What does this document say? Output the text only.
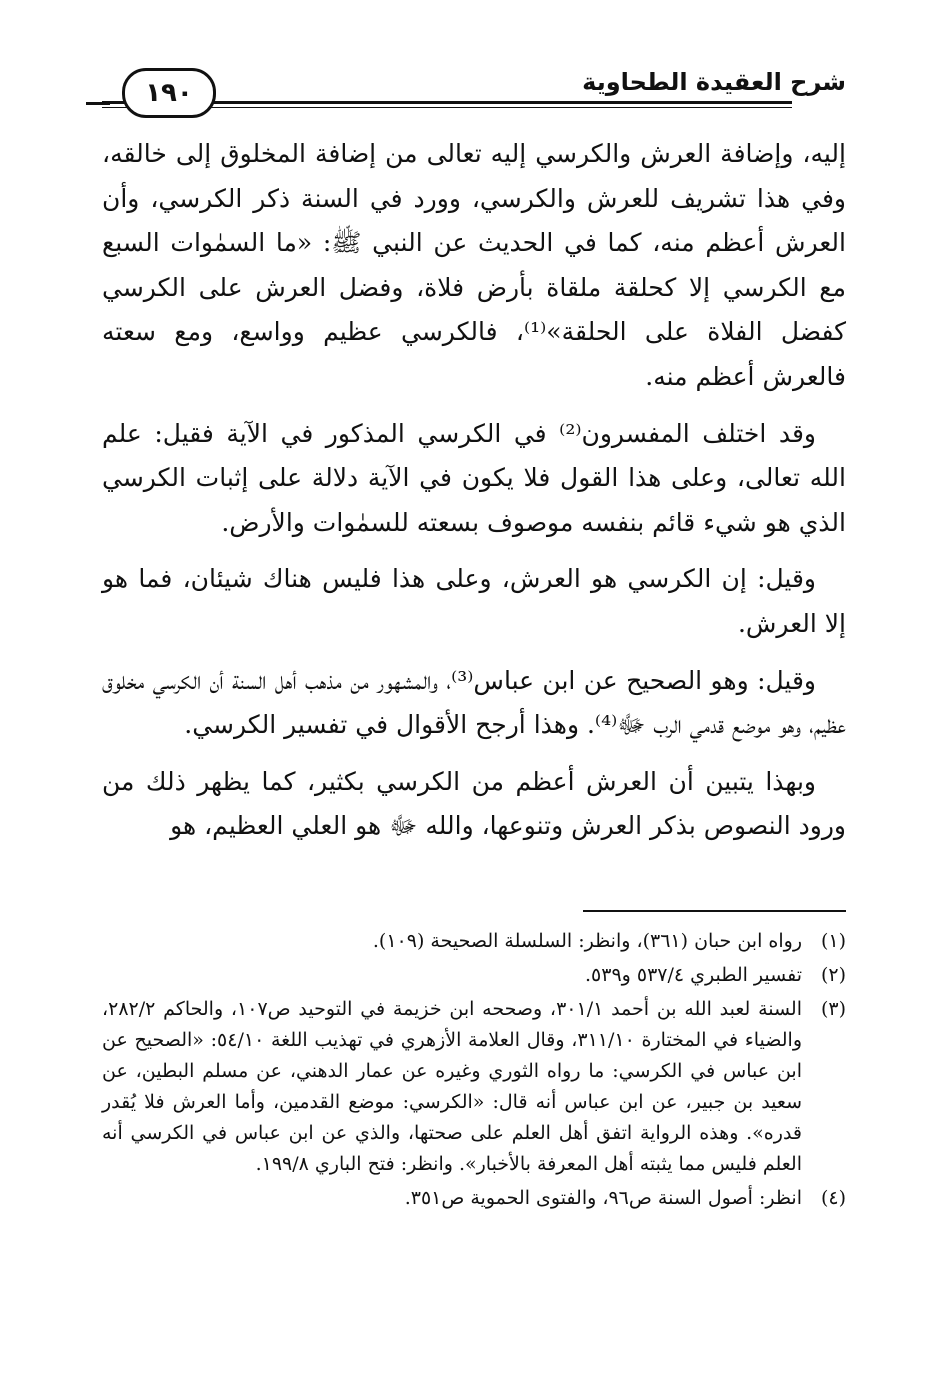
١٩٠	شرح العقيدة الطحاوية

إليه، وإضافة العرش والكرسي إليه تعالى من إضافة المخلوق إلى خالقه، وفي هذا تشريف للعرش والكرسي، وورد في السنة ذكر الكرسي، وأن العرش أعظم منه، كما في الحديث عن النبي ﷺ: «ما السمٰوات السبع مع الكرسي إلا كحلقة ملقاة بأرض فلاة، وفضل العرش على الكرسي كفضل الفلاة على الحلقة»⁽¹⁾، فالكرسي عظيم وواسع، ومع سعته فالعرش أعظم منه.

وقد اختلف المفسرون⁽²⁾ في الكرسي المذكور في الآية فقيل: علم الله تعالى، وعلى هذا القول فلا يكون في الآية دلالة على إثبات الكرسي الذي هو شيء قائم بنفسه موصوف بسعته للسمٰوات والأرض.

وقيل: إن الكرسي هو العرش، وعلى هذا فليس هناك شيئان، فما هو إلا العرش.

وقيل: وهو الصحيح عن ابن عباس⁽³⁾، والمشهور من مذهب أهل السنة أن الكرسي مخلوق عظيم، وهو موضع قدمي الرب ﷻ⁽⁴⁾. وهذا أرجح الأقوال في تفسير الكرسي.

وبهذا يتبين أن العرش أعظم من الكرسي بكثير، كما يظهر ذلك من ورود النصوص بذكر العرش وتنوعها، والله ﷻ هو العلي العظيم، هو

(١)
رواه ابن حبان (٣٦١)، وانظر: السلسلة الصحيحة (١٠٩).
(٢)
تفسير الطبري ٥٣٧/٤ و٥٣٩.
(٣)
السنة لعبد الله بن أحمد ٣٠١/١، وصححه ابن خزيمة في التوحيد ص١٠٧، والحاكم ٢٨٢/٢، والضياء في المختارة ٣١١/١٠، وقال العلامة الأزهري في تهذيب اللغة ٥٤/١٠: «الصحيح عن ابن عباس في الكرسي: ما رواه الثوري وغيره عن عمار الدهني، عن مسلم البطين، عن سعيد بن جبير، عن ابن عباس أنه قال: «الكرسي: موضع القدمين، وأما العرش فلا يُقدر قدره». وهذه الرواية اتفق أهل العلم على صحتها، والذي عن ابن عباس في الكرسي أنه العلم فليس مما يثبته أهل المعرفة بالأخبار». وانظر: فتح الباري ١٩٩/٨.
(٤)
انظر: أصول السنة ص٩٦، والفتوى الحموية ص٣٥١.
